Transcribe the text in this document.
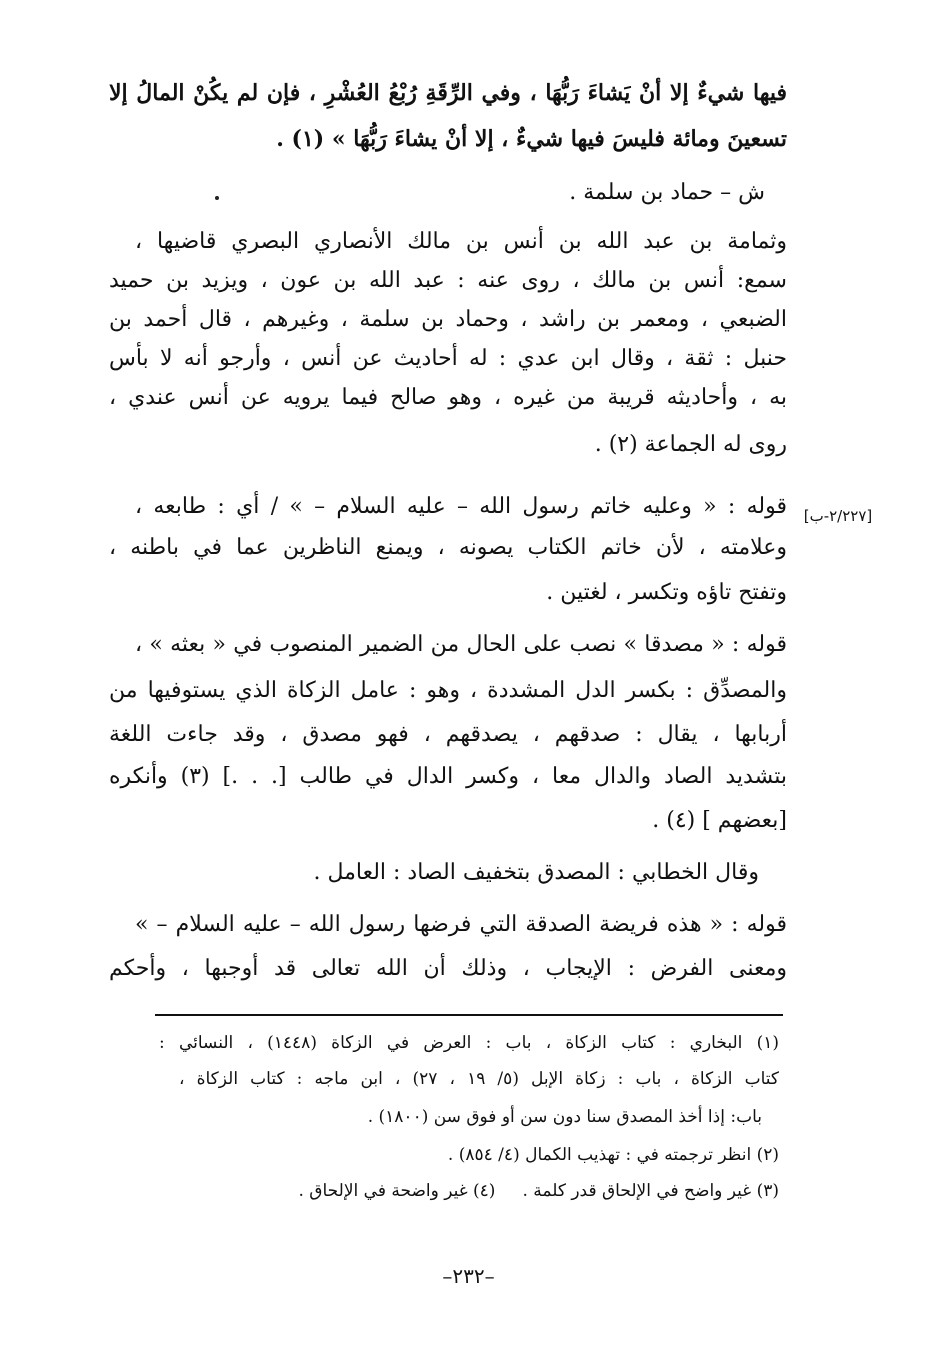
فيها شيءٌ إلا أنْ يَشاءَ رَبُّهَا ، وفي الرِّقَةِ رُبْعُ العُشْرِ ، فإن لم يكُنْ المالُ إلا
تسعينَ ومائة فليسَ فيها شيءٌ ، إلا أنْ يشاءَ رَبُّهَا » (١) .
ش – حماد بن سلمة .
وثمامة بن عبد الله بن أنس بن مالك الأنصاري البصري قاضيها ،
سمع: أنس بن مالك ، روى عنه : عبد الله بن عون ، ويزيد بن حميد
الضبعي ، ومعمر بن راشد ، وحماد بن سلمة ، وغيرهم ، قال أحمد بن
حنبل : ثقة ، وقال ابن عدي : له أحاديث عن أنس ، وأرجو أنه لا بأس
به ، وأحاديثه قريبة من غيره ، وهو صالح فيما يرويه عن أنس عندي ،
روى له الجماعة (٢) .
[٢/٢٢٧-ب]
قوله : « وعليه خاتم رسول الله – عليه السلام – » / أي : طابعه ،
وعلامته ، لأن خاتم الكتاب يصونه ، ويمنع الناظرين عما في باطنه ،
وتفتح تاؤه وتكسر ، لغتين .
قوله : « مصدقا » نصب على الحال من الضمير المنصوب في « بعثه » ،
والمصدِّق : بكسر الدل المشددة ، وهو : عامل الزكاة الذي يستوفيها من
أربابها ، يقال : صدقهم ، يصدقهم ، فهو مصدق ، وقد جاءت اللغة
بتشديد الصاد والدال معا ، وكسر الدال في طالب [. . .] (٣) وأنكره
[بعضهم ] (٤) .
وقال الخطابي : المصدق بتخفيف الصاد : العامل .
قوله : « هذه فريضة الصدقة التي فرضها رسول الله – عليه السلام – »
ومعنى الفرض : الإيجاب ، وذلك أن الله تعالى قد أوجبها ، وأحكم
(١) البخاري : كتاب الزكاة ، باب : العرض في الزكاة (١٤٤٨) ، النسائي :
كتاب الزكاة ، باب : زكاة الإبل (٥/ ١٩ ، ٢٧) ، ابن ماجه : كتاب الزكاة ،
باب: إذا أخذ المصدق سنا دون سن أو فوق سن (١٨٠٠) .
(٢) انظر ترجمته في : تهذيب الكمال (٤/ ٨٥٤) .
(٣) غير واضح في الإلحاق قدر كلمة .     (٤) غير واضحة في الإلحاق .
–٢٣٢–
